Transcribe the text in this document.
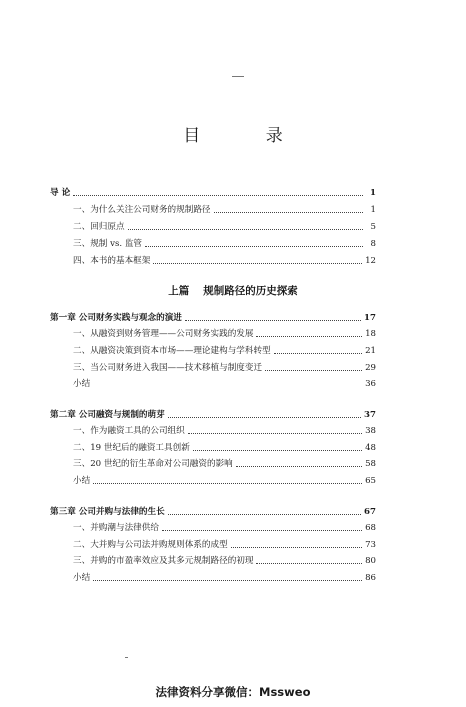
目 录
导 论	1
一、为什么关注公司财务的规制路径	1
二、回归原点	5
三、规制 vs. 监管	8
四、本书的基本框架	12
上篇 规制路径的历史探索
第一章 公司财务实践与观念的演进	17
一、从融资到财务管理——公司财务实践的发展	18
二、从融资决策到资本市场——理论建构与学科转型	21
三、当公司财务进入我国——技术移植与制度变迁	29
小结	36
第二章 公司融资与规制的萌芽	37
一、作为融资工具的公司组织	38
二、19 世纪后的融资工具创新	48
三、20 世纪的衍生革命对公司融资的影响	58
小结	65
第三章 公司并购与法律的生长	67
一、并购潮与法律供给	68
二、大并购与公司法并购规则体系的成型	73
三、并购的市盈率效应及其多元规制路径的初现	80
小结	86
法律资料分享微信：Mssweo
